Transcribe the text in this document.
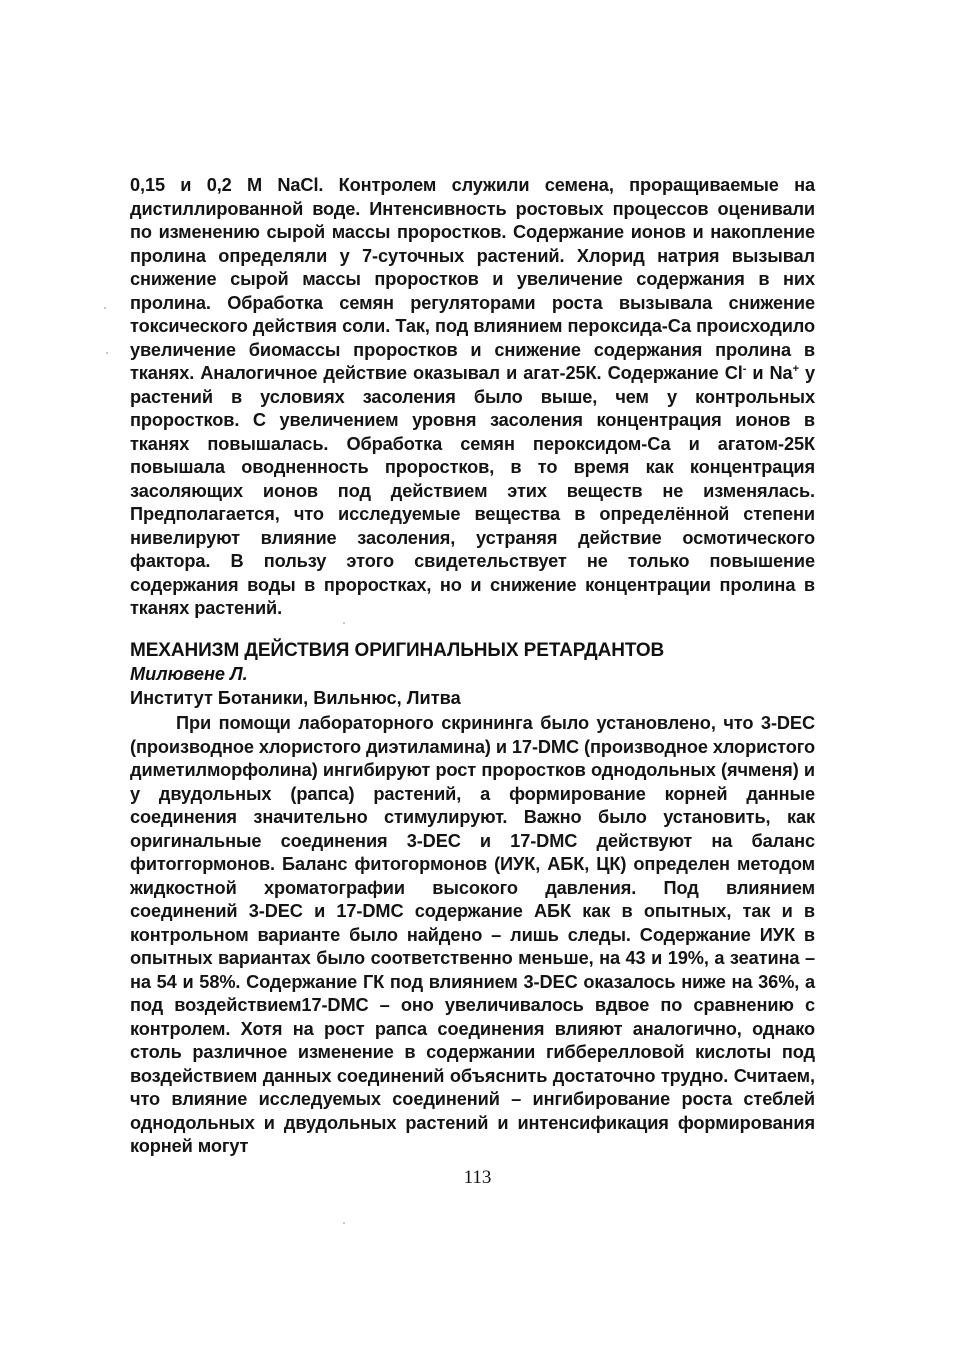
0,15 и 0,2 М NaCl. Контролем служили семена, проращиваемые на дистиллированной воде. Интенсивность ростовых процессов оценивали по изменению сырой массы проростков. Содержание ионов и накопление пролина определяли у 7-суточных растений. Хлорид натрия вызывал снижение сырой массы проростков и увеличение содержания в них пролина. Обработка семян регуляторами роста вызывала снижение токсического действия соли. Так, под влиянием пероксида-Са происходило увеличение биомассы проростков и снижение содержания пролина в тканях. Аналогичное действие оказывал и агат-25К. Содержание Cl- и Na+ у растений в условиях засоления было выше, чем у контрольных проростков. С увеличением уровня засоления концентрация ионов в тканях повышалась. Обработка семян пероксидом-Са и агатом-25К повышала оводненность проростков, в то время как концентрация засоляющих ионов под действием этих веществ не изменялась. Предполагается, что исследуемые вещества в определённой степени нивелируют влияние засоления, устраняя действие осмотического фактора. В пользу этого свидетельствует не только повышение содержания воды в проростках, но и снижение концентрации пролина в тканях растений.
МЕХАНИЗМ ДЕЙСТВИЯ ОРИГИНАЛЬНЫХ РЕТАРДАНТОВ
Милювене Л.
Институт Ботаники, Вильнюс, Литва
При помощи лабораторного скрининга было установлено, что 3-DEC (производное хлористого диэтиламина) и 17-DMC (производное хлористого диметилморфолина) ингибируют рост проростков однодольных (ячменя) и у двудольных (рапса) растений, а формирование корней данные соединения значительно стимулируют. Важно было установить, как оригинальные соединения 3-DEC и 17-DMC действуют на баланс фитоггормонов. Баланс фитогормонов (ИУК, АБК, ЦК) определен методом жидкостной хроматографии высокого давления. Под влиянием соединений 3-DEC и 17-DMC содержание АБК как в опытных, так и в контрольном варианте было найдено – лишь следы. Содержание ИУК в опытных вариантах было соответственно меньше, на 43 и 19%, а зеатина – на 54 и 58%. Содержание ГК под влиянием 3-DEC оказалось ниже на 36%, а под воздействием17-DMC – оно увеличивалось вдвое по сравнению с контролем. Хотя на рост рапса соединения влияют аналогично, однако столь различное изменение в содержании гибберелловой кислоты под воздействием данных соединений объяснить достаточно трудно. Считаем, что влияние исследуемых соединений – ингибирование роста стеблей однодольных и двудольных растений и интенсификация формирования корней могут
113
